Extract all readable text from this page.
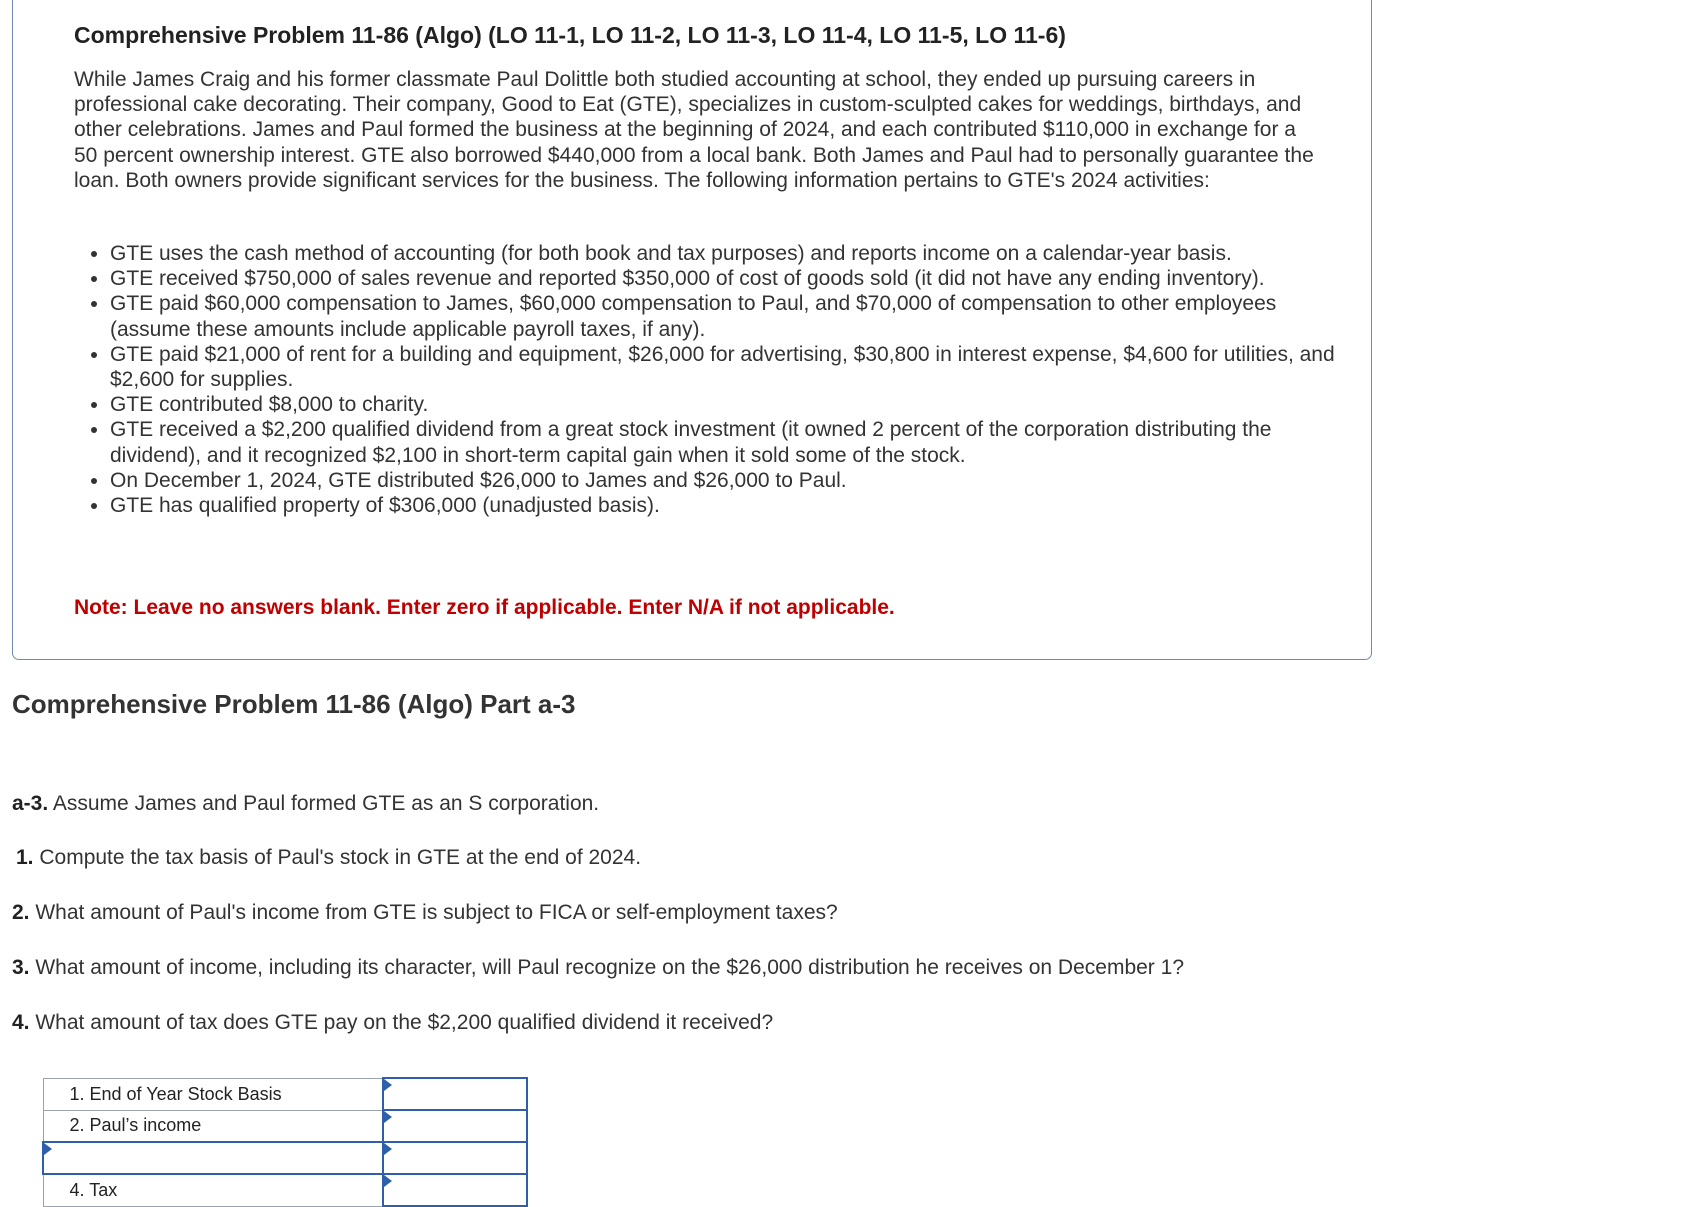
Comprehensive Problem 11-86 (Algo) (LO 11-1, LO 11-2, LO 11-3, LO 11-4, LO 11-5, LO 11-6)

While James Craig and his former classmate Paul Dolittle both studied accounting at school, they ended up pursuing careers in professional cake decorating. Their company, Good to Eat (GTE), specializes in custom-sculpted cakes for weddings, birthdays, and other celebrations. James and Paul formed the business at the beginning of 2024, and each contributed $110,000 in exchange for a 50 percent ownership interest. GTE also borrowed $440,000 from a local bank. Both James and Paul had to personally guarantee the loan. Both owners provide significant services for the business. The following information pertains to GTE's 2024 activities:

• GTE uses the cash method of accounting (for both book and tax purposes) and reports income on a calendar-year basis.
• GTE received $750,000 of sales revenue and reported $350,000 of cost of goods sold (it did not have any ending inventory).
• GTE paid $60,000 compensation to James, $60,000 compensation to Paul, and $70,000 of compensation to other employees (assume these amounts include applicable payroll taxes, if any).
• GTE paid $21,000 of rent for a building and equipment, $26,000 for advertising, $30,800 in interest expense, $4,600 for utilities, and $2,600 for supplies.
• GTE contributed $8,000 to charity.
• GTE received a $2,200 qualified dividend from a great stock investment (it owned 2 percent of the corporation distributing the dividend), and it recognized $2,100 in short-term capital gain when it sold some of the stock.
• On December 1, 2024, GTE distributed $26,000 to James and $26,000 to Paul.
• GTE has qualified property of $306,000 (unadjusted basis).

Note: Leave no answers blank. Enter zero if applicable. Enter N/A if not applicable.

Comprehensive Problem 11-86 (Algo) Part a-3

a-3. Assume James and Paul formed GTE as an S corporation.

1. Compute the tax basis of Paul's stock in GTE at the end of 2024.

2. What amount of Paul's income from GTE is subject to FICA or self-employment taxes?

3. What amount of income, including its character, will Paul recognize on the $26,000 distribution he receives on December 1?

4. What amount of tax does GTE pay on the $2,200 qualified dividend it received?

1. End of Year Stock Basis	

2. Paul’s income	

4. Tax	
